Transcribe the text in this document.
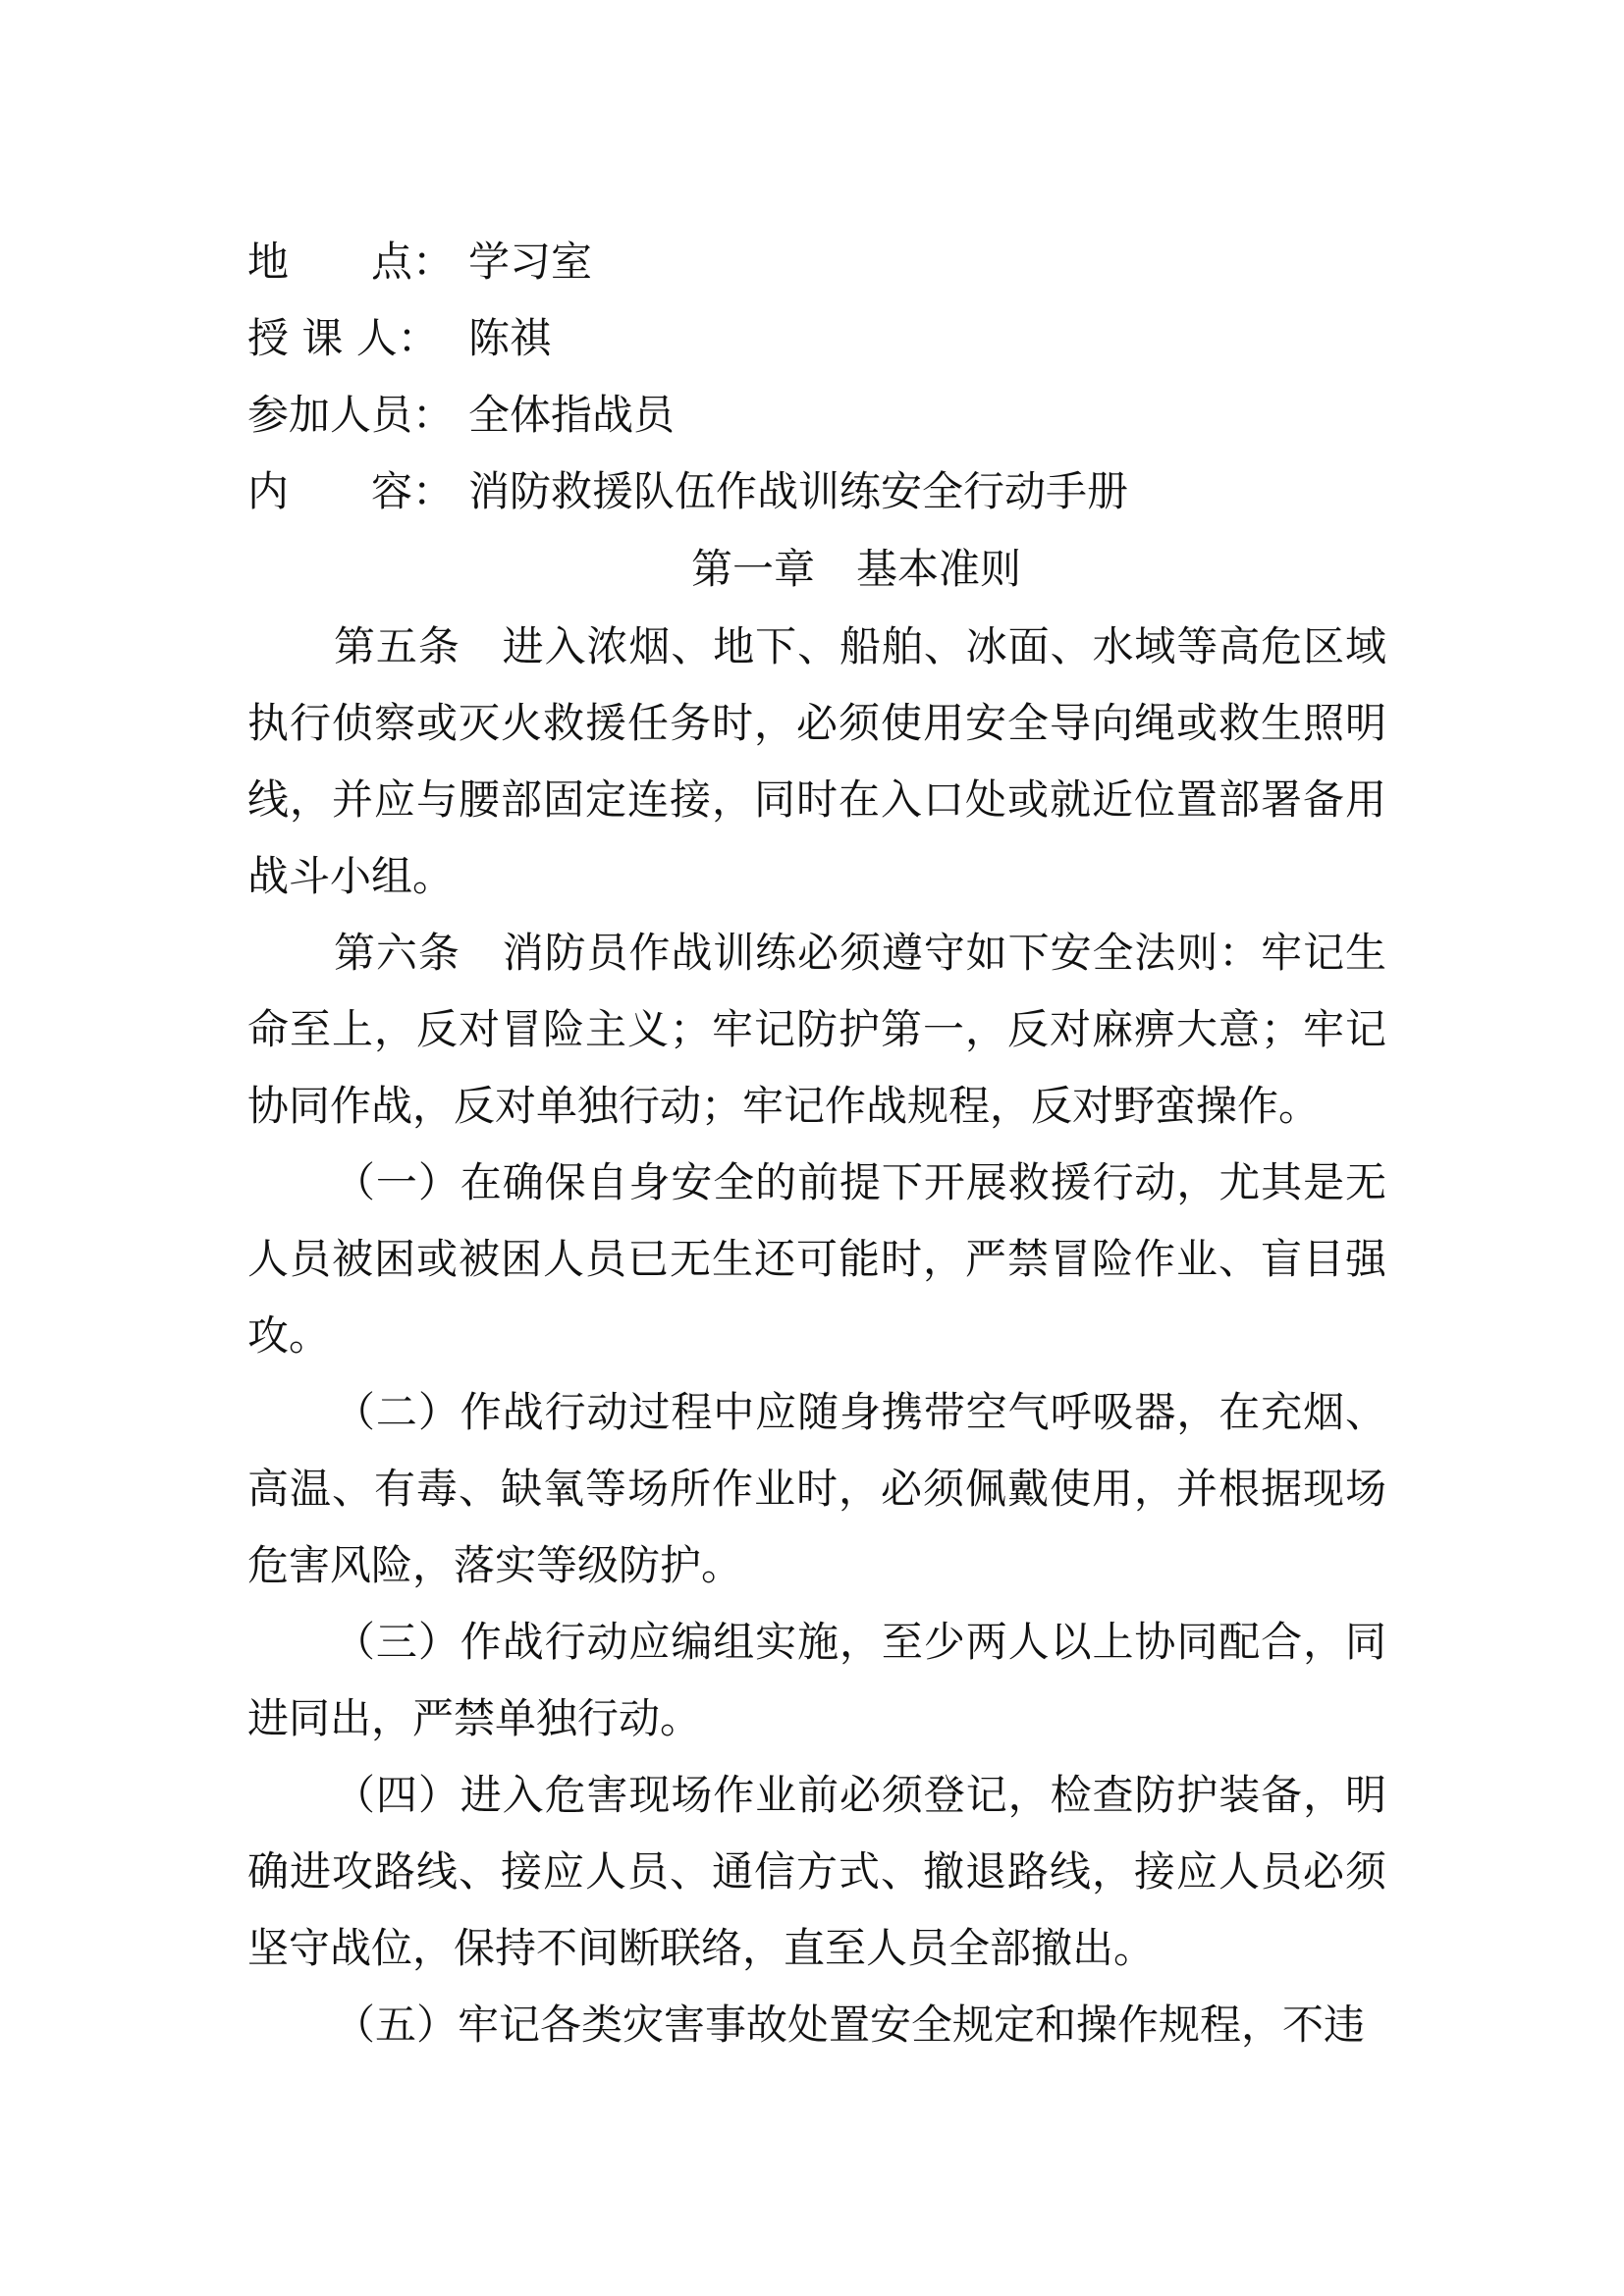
地　　点： 学习室
授 课 人： 陈祺
参加人员： 全体指战员
内　　容： 消防救援队伍作战训练安全行动手册
第一章　基本准则

第五条　进入浓烟、地下、船舶、冰面、水域等高危区域执行侦察或灭火救援任务时，必须使用安全导向绳或救生照明线，并应与腰部固定连接，同时在入口处或就近位置部署备用战斗小组。

第六条　消防员作战训练必须遵守如下安全法则：牢记生命至上，反对冒险主义；牢记防护第一，反对麻痹大意；牢记协同作战，反对单独行动；牢记作战规程，反对野蛮操作。

（一）在确保自身安全的前提下开展救援行动，尤其是无人员被困或被困人员已无生还可能时，严禁冒险作业、盲目强攻。

（二）作战行动过程中应随身携带空气呼吸器，在充烟、高温、有毒、缺氧等场所作业时，必须佩戴使用，并根据现场危害风险，落实等级防护。

（三）作战行动应编组实施，至少两人以上协同配合，同进同出，严禁单独行动。

（四）进入危害现场作业前必须登记，检查防护装备，明确进攻路线、接应人员、通信方式、撤退路线，接应人员必须坚守战位，保持不间断联络，直至人员全部撤出。

（五）牢记各类灾害事故处置安全规定和操作规程，不违
